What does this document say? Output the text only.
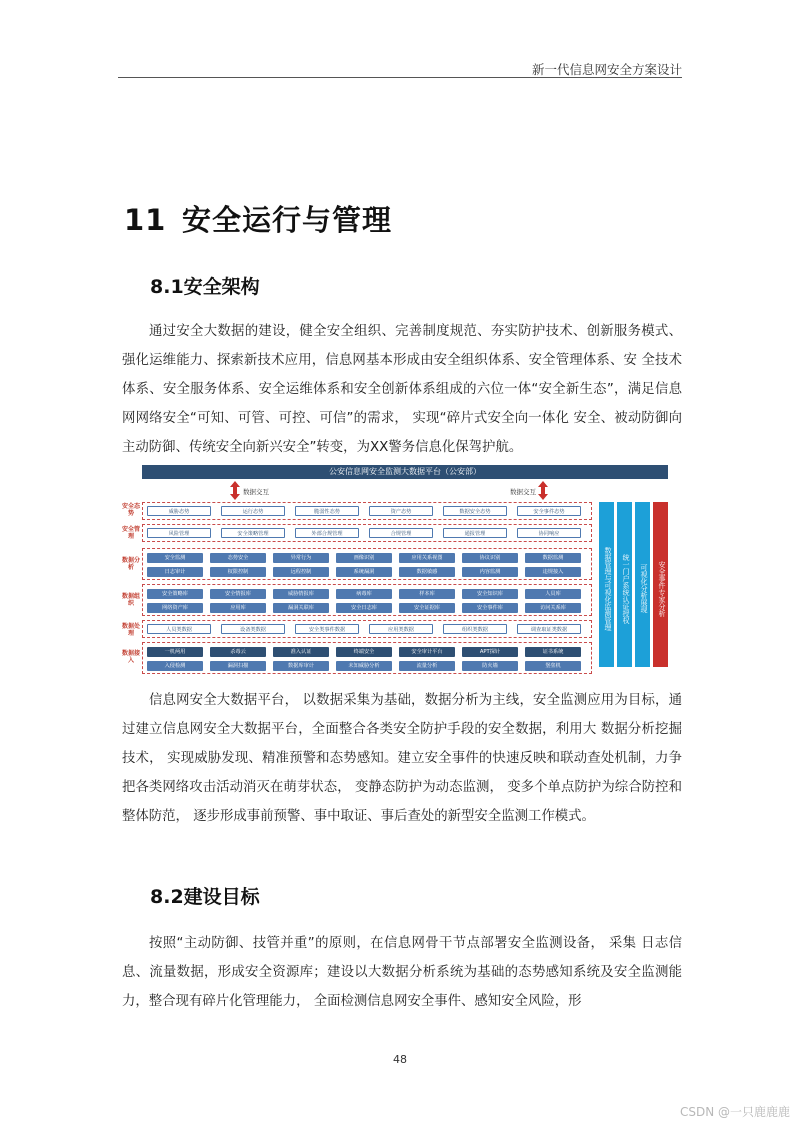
新一代信息网安全方案设计
11 安全运行与管理
8.1安全架构
通过安全大数据的建设，健全安全组织、完善制度规范、夯实防护技术、创新服务模式、强化运维能力、探索新技术应用，信息网基本形成由安全组织体系、安全管理体系、安 全技术体系、安全服务体系、安全运维体系和安全创新体系组成的六位一体“安全新生态”，满足信息网网络安全“可知、可管、可控、可信”的需求， 实现“碎片式安全向一体化 安全、被动防御向主动防御、传统安全向新兴安全”转变，为XX警务信息化保驾护航。
公安信息网安全监测大数据平台（公安部）
数据交互	数据交互
安全态势	威胁态势	运行态势	脆弱性态势	资产态势	数据安全态势	安全事件态势
安全管理	风险管理	安全策略管理	外部合规管理	合规管理	通报管理	协同响应
数据分析
安全监测	态势安全	异常行为	画像识别	应用关系视图	协议识别	数据监测
日志审计	权限控制	远程控制	系统漏洞	数据敏感	内容监测	违规接入
数据组织
安全策略库	安全情报库	威胁情报库	病毒库	样本库	安全知识库	人员库
网络资产库	应用库	漏洞关联库	安全日志库	安全证据库	安全事件库	访问关系库
数据处理	人员类数据	设备类数据	安全类事件数据	应用类数据	组织类数据	调查取证类数据
数据接入
一机两用	杀毒云	准入认证	终端安全	安全审计平台	APT探针	证书系统
入侵检测	漏洞扫描	数据库审计	未知威胁分析	流量分析	防火墙	堡垒机
数据管理与可视化监测管理	统一门户系统认证授权	可视化分析展现	安全事件专家分析
信息网安全大数据平台， 以数据采集为基础，数据分析为主线，安全监测应用为目标，通过建立信息网安全大数据平台，全面整合各类安全防护手段的安全数据，利用大 数据分析挖掘技术， 实现威胁发现、精准预警和态势感知。建立安全事件的快速反映和联动查处机制，力争把各类网络攻击活动消灭在萌芽状态， 变静态防护为动态监测， 变多个单点防护为综合防控和整体防范， 逐步形成事前预警、事中取证、事后查处的新型安全监测工作模式。
8.2建设目标
按照“主动防御、技管并重”的原则，在信息网骨干节点部署安全监测设备， 采集 日志信息、流量数据，形成安全资源库；建设以大数据分析系统为基础的态势感知系统及安全监测能力，整合现有碎片化管理能力， 全面检测信息网安全事件、感知安全风险，形
48
CSDN @一只鹿鹿鹿
